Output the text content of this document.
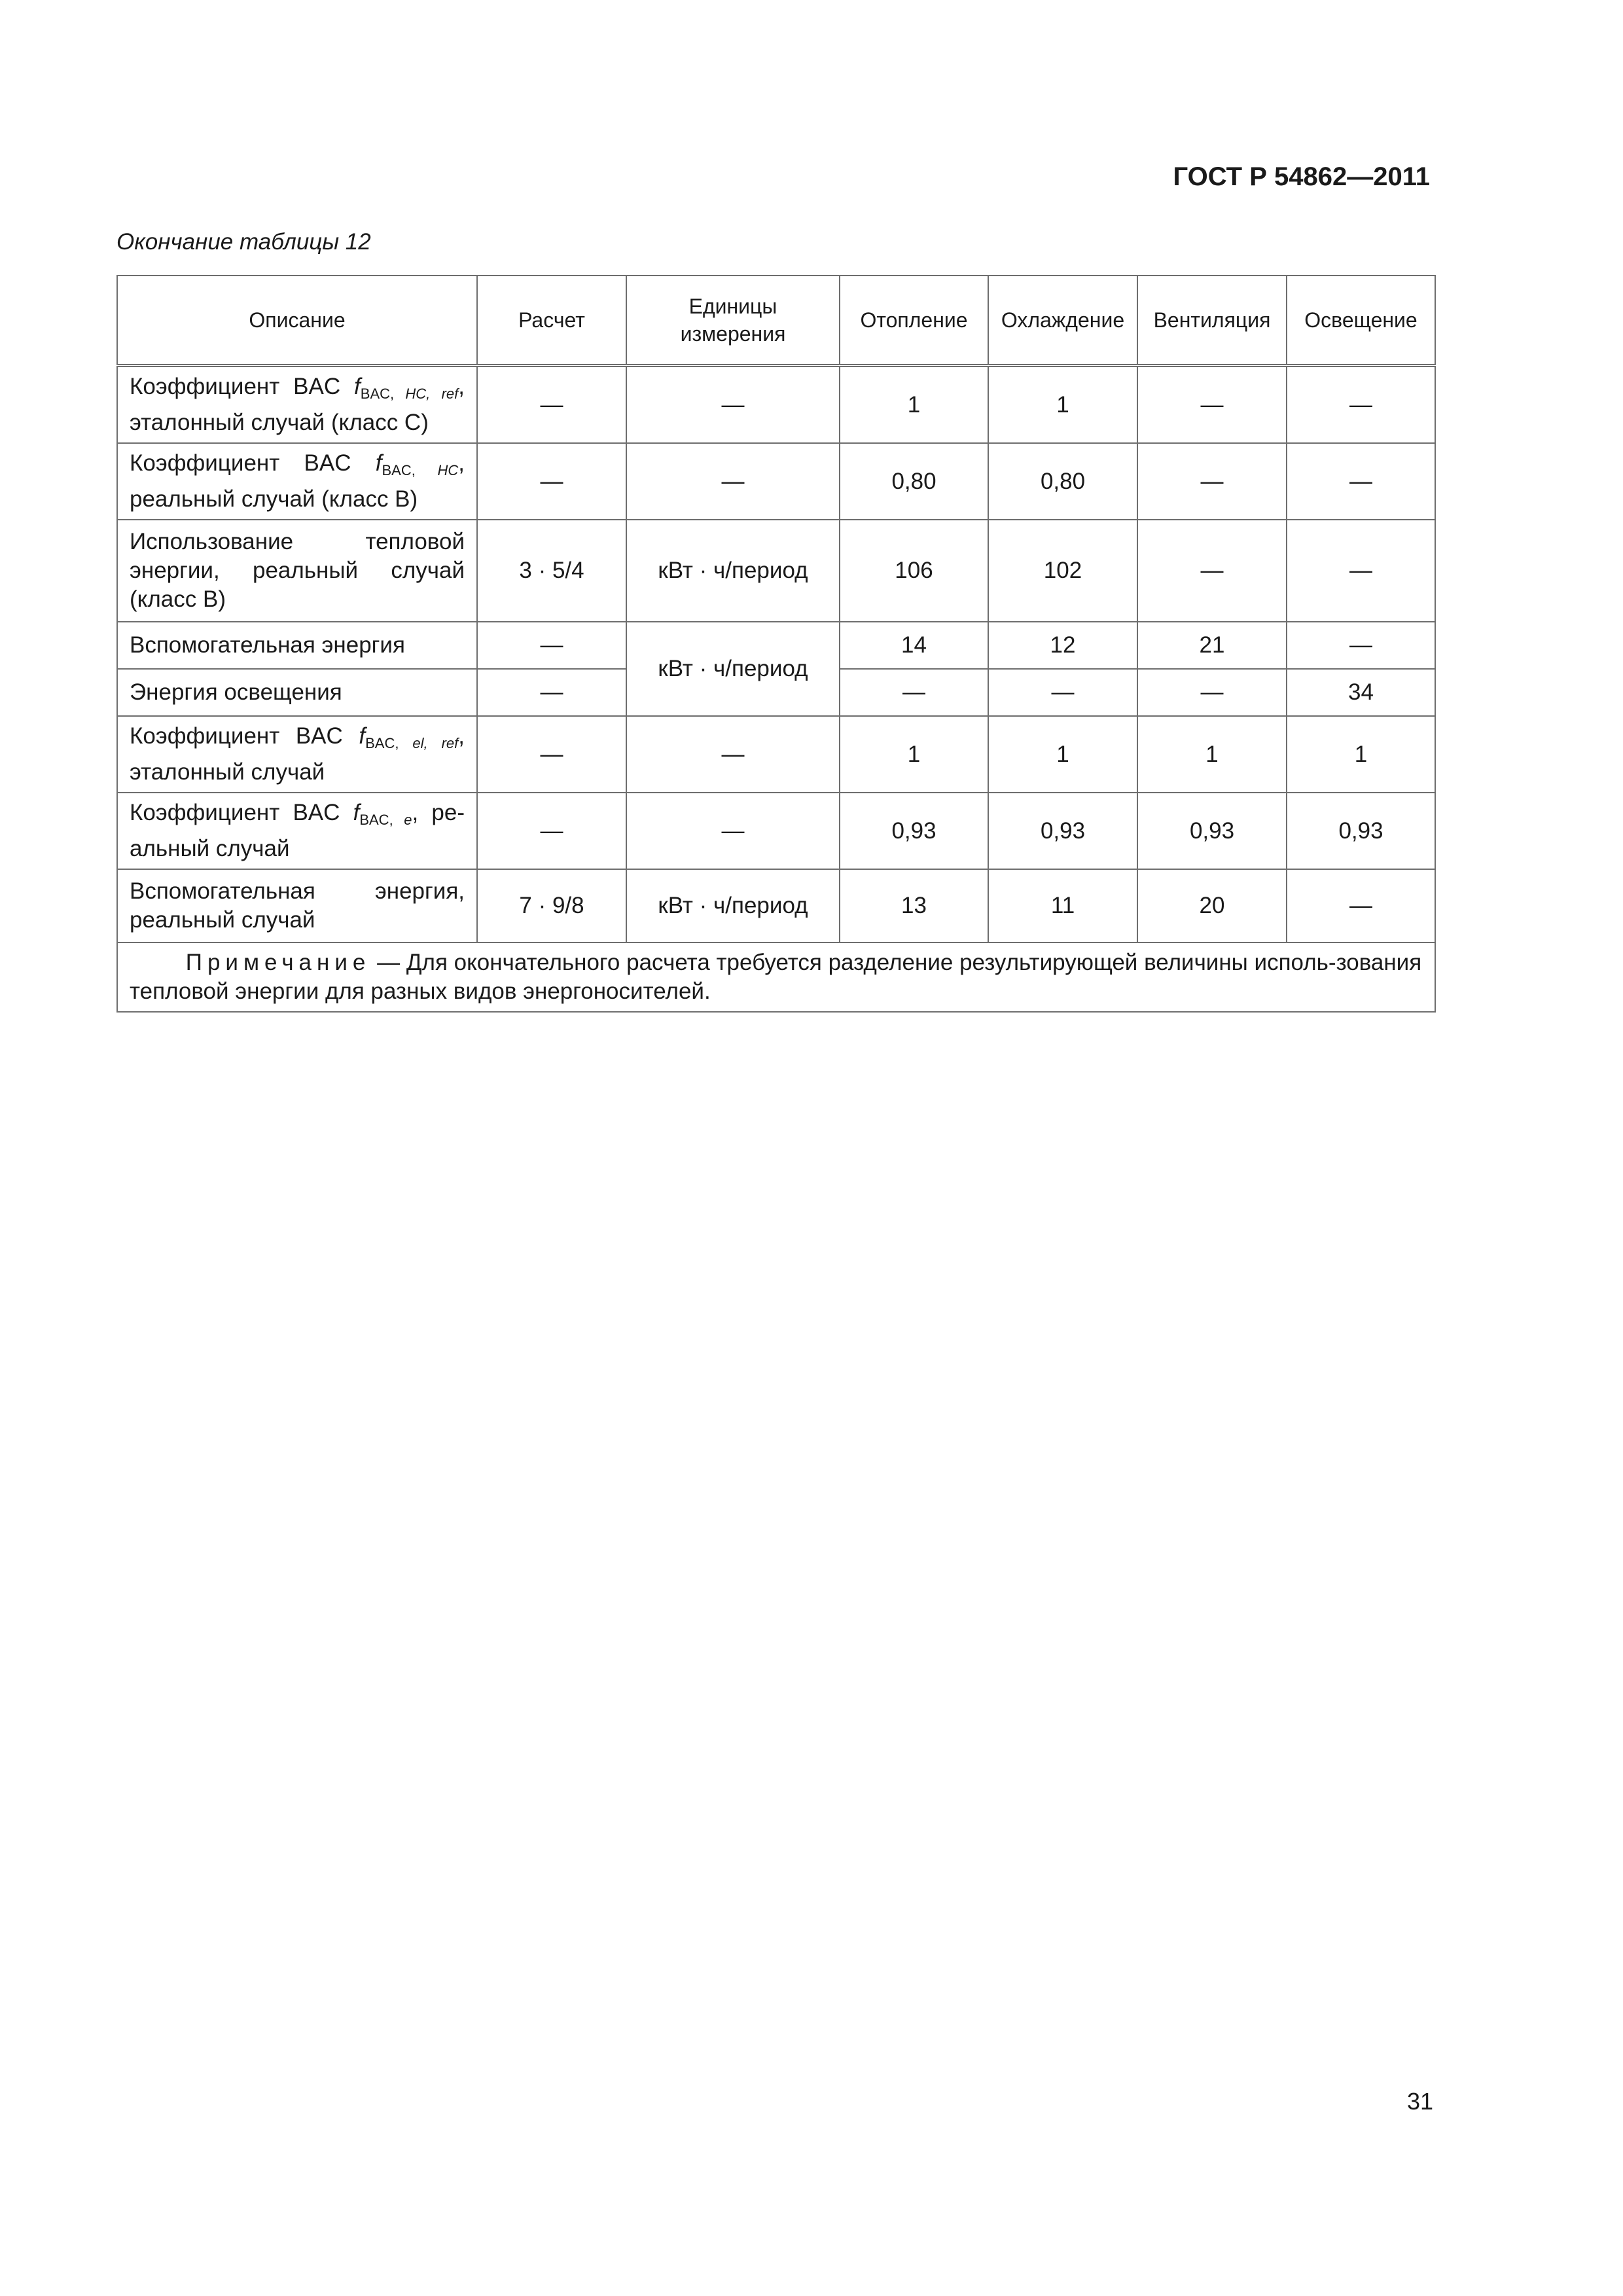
ГОСТ Р 54862—2011

Окончание таблицы 12

Описание	Расчет	Единицы измерения	Отопление	Охлаждение	Вентиляция	Освещение
Коэффициент BAC $f_{BAC, HC, ref}$, эталонный случай (класс С)	—	—	1	1	—	—
Коэффициент BAC $f_{BAC, HC}$, реальный случай (класс В)	—	—	0,80	0,80	—	—
Использование тепловой энергии, реальный случай (класс В)	3 · 5/4	кВт · ч/период	106	102	—	—
Вспомогательная энергия	—	кВт · ч/период	14	12	21	—
Энергия освещения	—		—	—	—	34
Коэффициент BAC $f_{BAC, el, ref}$, эталонный случай	—	—	1	1	1	1
Коэффициент BAC $f_{BAC, e}$, ре-альный случай	—	—	0,93	0,93	0,93	0,93
Вспомогательная энергия, реальный случай	7 · 9/8	кВт · ч/период	13	11	20	—
Примечание — Для окончательного расчета требуется разделение результирующей величины исполь-зования тепловой энергии для разных видов энергоносителей.						

31
